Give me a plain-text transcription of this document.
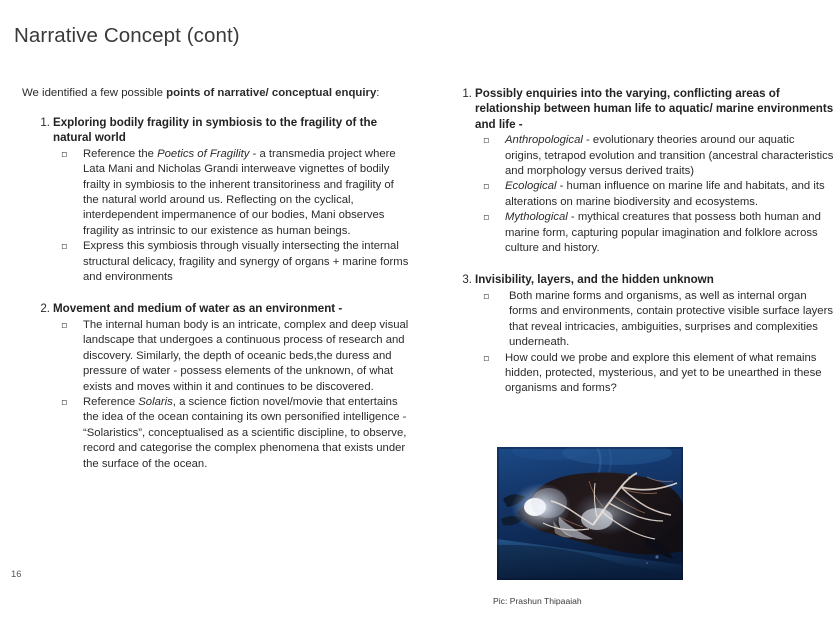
Narrative Concept (cont)

We identified a few possible points of narrative/ conceptual enquiry:

1. Exploring bodily fragility in symbiosis to the fragility of the natural world
▫ Reference the Poetics of Fragility - a transmedia project where Lata Mani and Nicholas Grandi interweave vignettes of bodily frailty in symbiosis to the inherent transitoriness and fragility of the natural world around us. Reflecting on the cyclical, interdependent impermanence of our bodies, Mani observes fragility as intrinsic to our existence as human beings.
▫ Express this symbiosis through visually intersecting the internal structural delicacy, fragility and synergy of organs + marine forms and environments
2. Movement and medium of water as an environment -
▫ The internal human body is an intricate, complex and deep visual landscape that undergoes a continuous process of research and discovery. Similarly, the depth of oceanic beds,the duress and pressure of water - possess elements of the unknown, of what exists and moves within it and continues to be discovered.
▫ Reference Solaris, a science fiction novel/movie that entertains the idea of the ocean containing its own personified intelligence - “Solaristics”, conceptualised as a scientific discipline, to observe, record and categorise the complex phenomena that exists under the surface of the ocean.
1. Possibly enquiries into the varying, conflicting areas of relationship between human life to aquatic/ marine environments and life -
▫ Anthropological - evolutionary theories around our aquatic origins, tetrapod evolution and transition (ancestral characteristics and morphology versus derived traits)
▫ Ecological - human influence on marine life and habitats, and its alterations on marine biodiversity and ecosystems.
▫ Mythological - mythical creatures that possess both human and marine form, capturing popular imagination and folklore across culture and history.
3. Invisibility, layers, and the hidden unknown
▫ Both marine forms and organisms, as well as internal organ forms and environments, contain protective visible surface layers that reveal intricacies, ambiguities, surprises and complexities underneath.
▫ How could we probe and explore this element of what remains hidden, protected, mysterious, and yet to be unearthed in these organisms and forms?
Pic: Prashun Thipaaiah
16
